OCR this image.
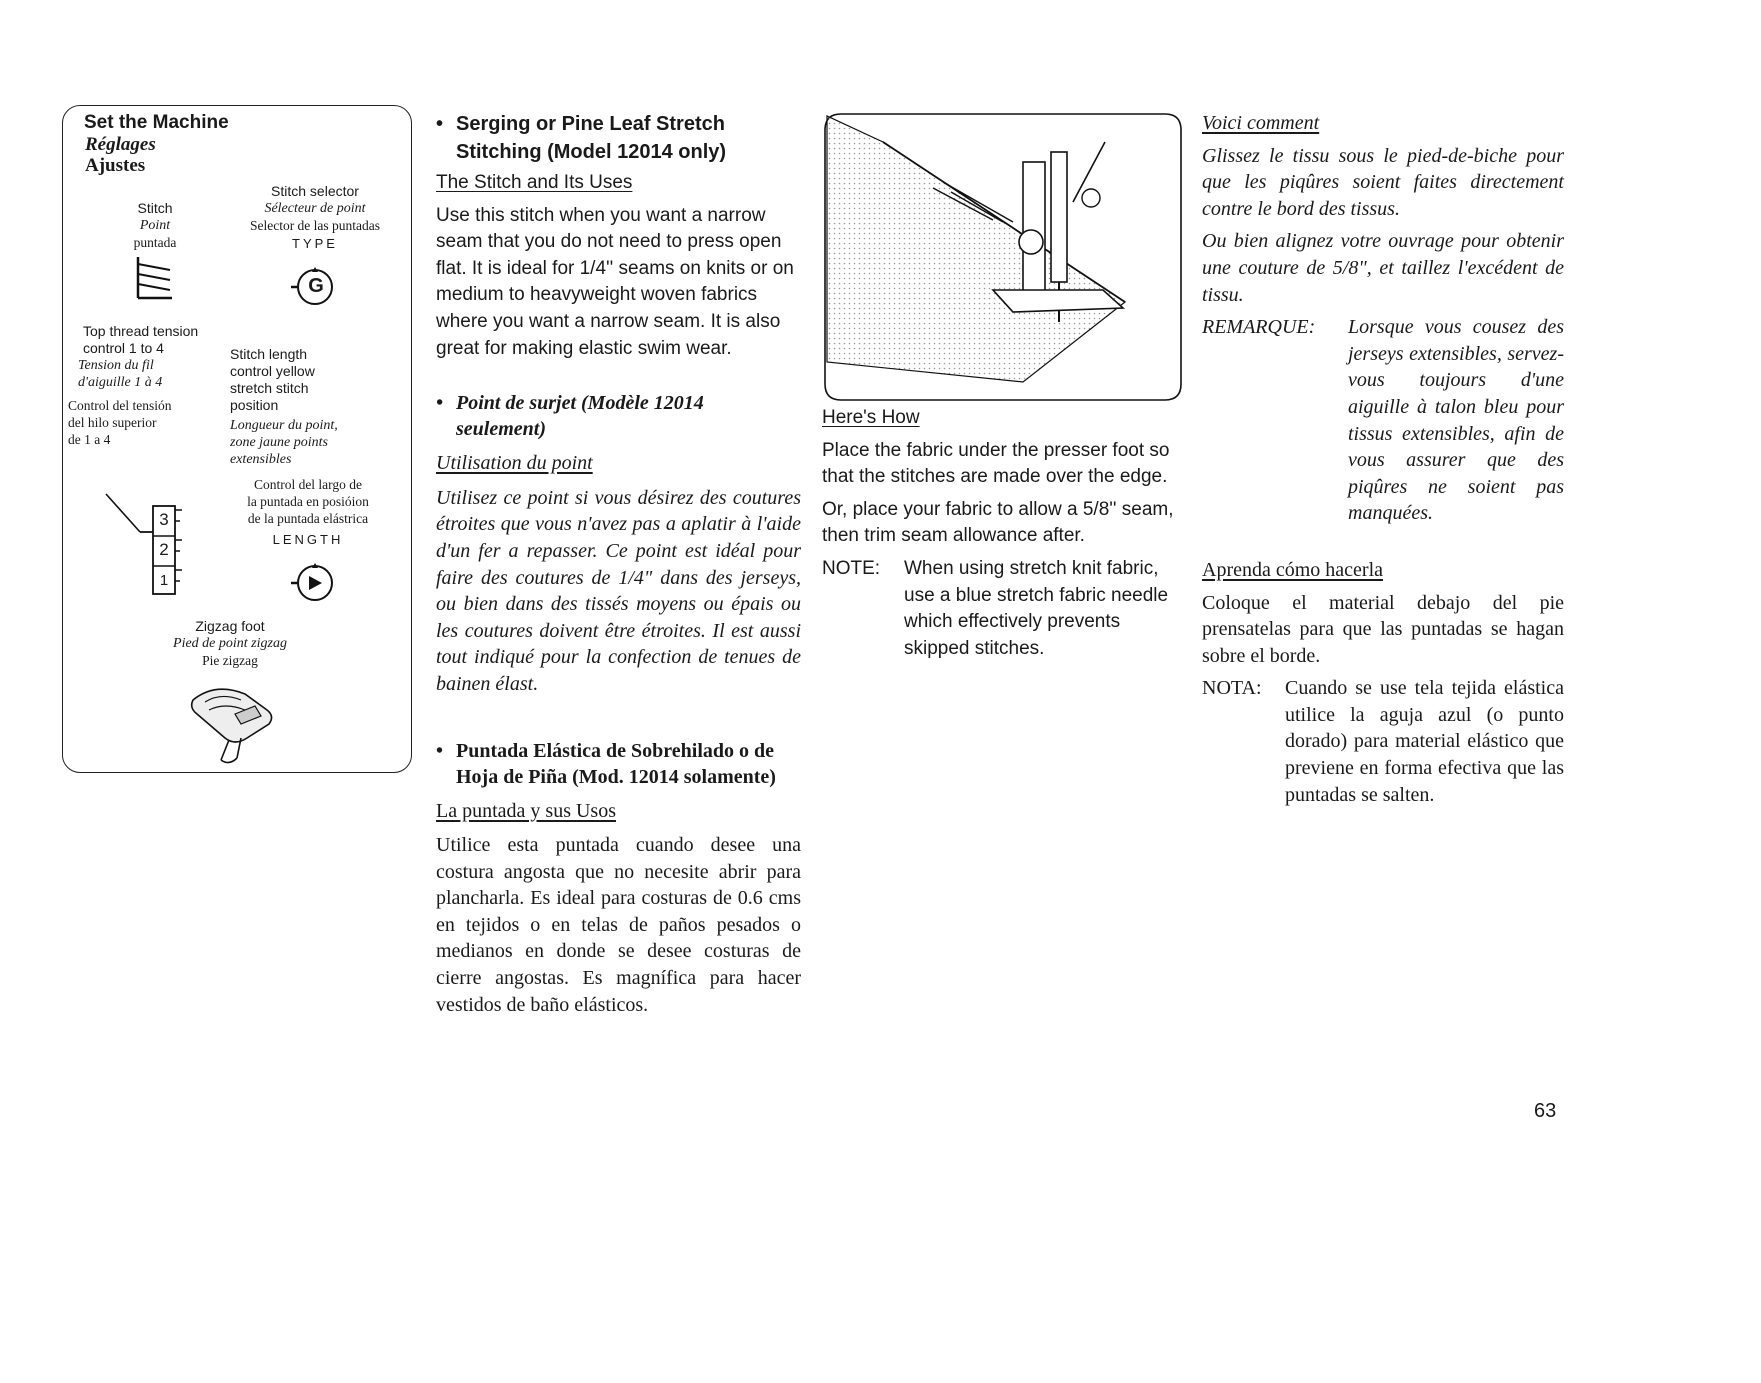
Set the Machine
Réglages
Ajustes
Stitch selector
Sélecteur de point
Selector de las puntadas
TYPE
Stitch
Point
puntada
G
Top thread tension
control 1 to 4
Tension du fil
d'aiguille 1 à 4
Control del tensión
del hilo superior
de 1 a 4
Stitch length
control yellow
stretch stitch
position
Longueur du point,
zone jaune points
extensibles
Control del largo de
la puntada en posióion
de la puntada elástrica
LENGTH
3
2
1
Zigzag foot
Pied de point zigzag
Pie zigzag
• Serging or Pine Leaf Stretch
Stitching (Model 12014 only)
The Stitch and Its Uses

Use this stitch when you want a narrow seam that you do not need to press open flat. It is ideal for 1/4'' seams on knits or on medium to heavyweight woven fabrics where you want a narrow seam. It is also great for making elastic swim wear.

• Point de surjet (Modèle 12014
seulement)
Utilisation du point

Utilisez ce point si vous désirez des coutures étroites que vous n'avez pas a aplatir à l'aide d'un fer a repasser. Ce point est idéal pour faire des coutures de 1/4" dans des jerseys, ou bien dans des tissés moyens ou épais ou les coutures doivent être étroites. Il est aussi tout indiqué pour la confection de tenues de bainen élast.

• Puntada Elástica de Sobrehilado o de
Hoja de Piña (Mod. 12014 solamente)
La puntada y sus Usos

Utilice esta puntada cuando desee una costura angosta que no necesite abrir para plancharla. Es ideal para costuras de 0.6 cms en tejidos o en telas de paños pesados o medianos en donde se desee costuras de cierre angostas. Es magnífica para hacer vestidos de baño elásticos.

Here's How

Place the fabric under the presser foot so that the stitches are made over the edge.

Or, place your fabric to allow a 5/8'' seam, then trim seam allowance after.

NOTE:	When using stretch knit fabric, use a blue stretch fabric needle which effectively prevents skipped stitches.
Voici comment

Glissez le tissu sous le pied-de-biche pour que les piqûres soient faites directement contre le bord des tissus.

Ou bien alignez votre ouvrage pour obtenir une couture de 5/8", et taillez l'excédent de tissu.

REMARQUE:	Lorsque vous cousez des jerseys extensibles, servez-vous toujours d'une aiguille à talon bleu pour tissus extensibles, afin de vous assurer que des piqûres ne soient pas manquées.
Aprenda cómo hacerla

Coloque el material debajo del pie prensatelas para que las puntadas se hagan sobre el borde.

NOTA:	Cuando se use tela tejida elástica utilice la aguja azul (o punto dorado) para material elástico que previene en forma efectiva que las puntadas se salten.
63
